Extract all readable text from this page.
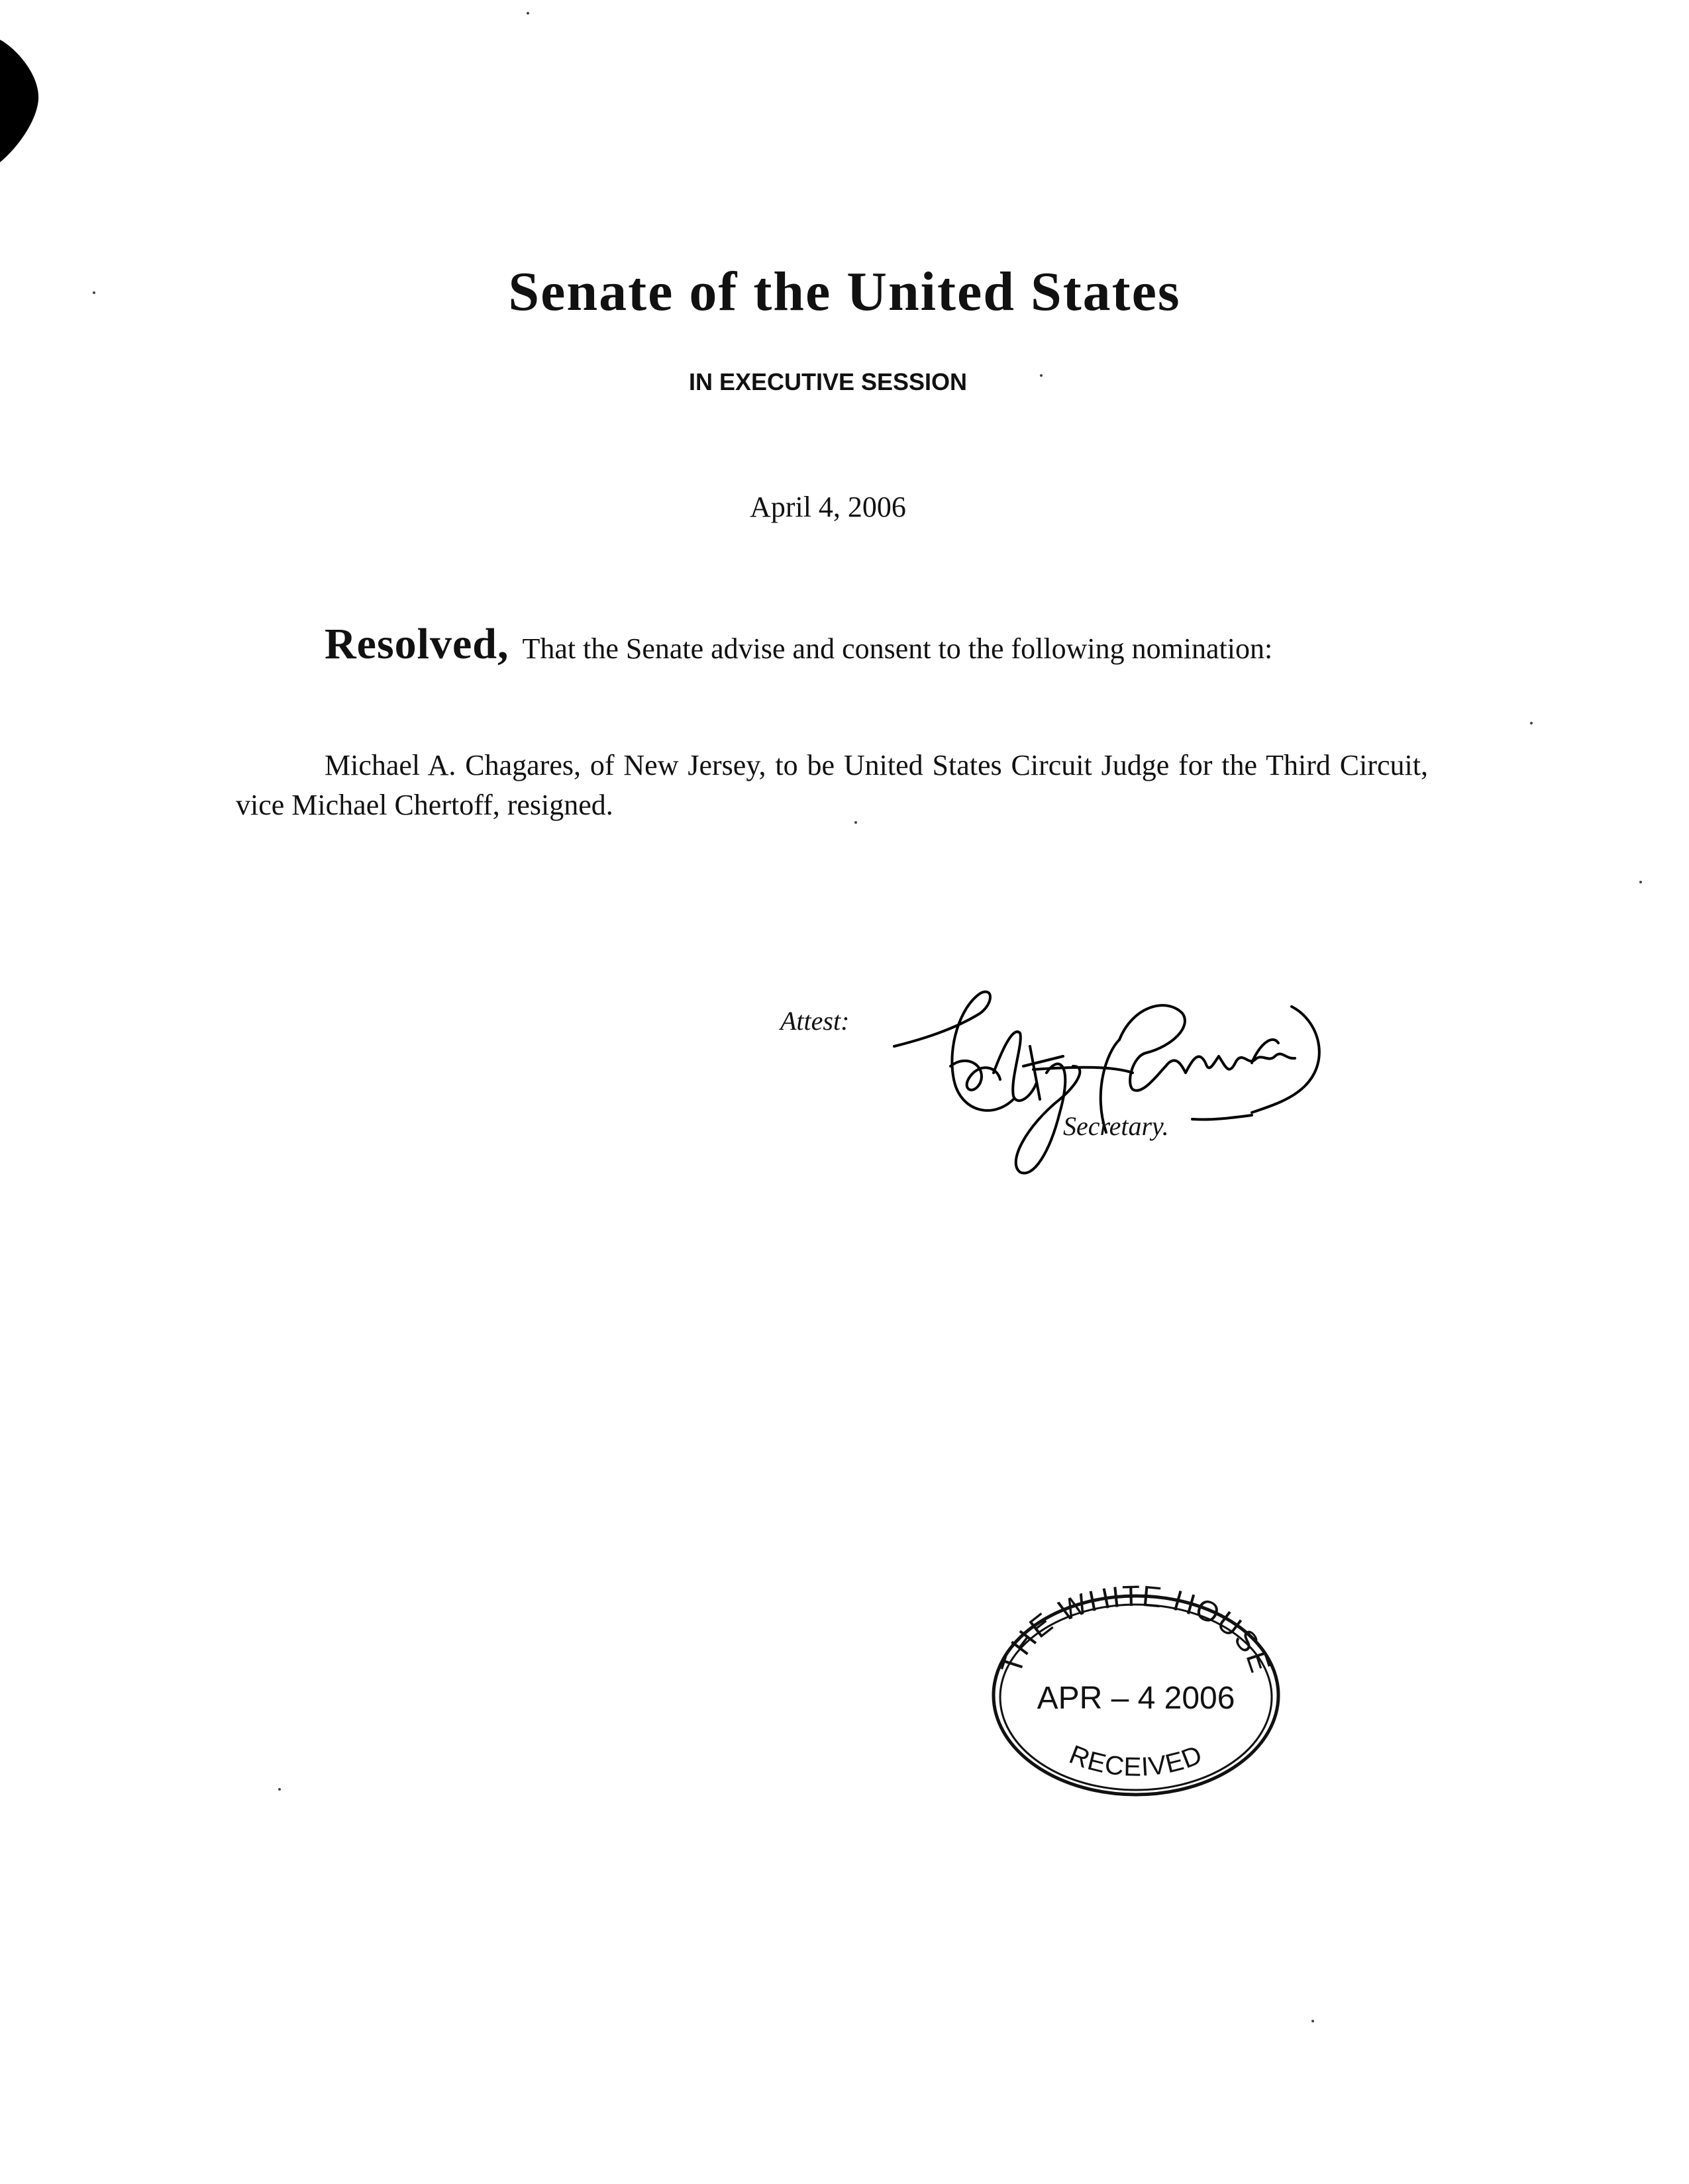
Senate of the United States
IN EXECUTIVE SESSION
April 4, 2006
Resolved, That the Senate advise and consent to the following nomination:
Michael A. Chagares, of New Jersey, to be United States Circuit Judge for the Third Circuit, vice Michael Chertoff, resigned.
Attest:
Secretary.
THE WHITE HOUSE
APR – 4 2006
RECEIVED
